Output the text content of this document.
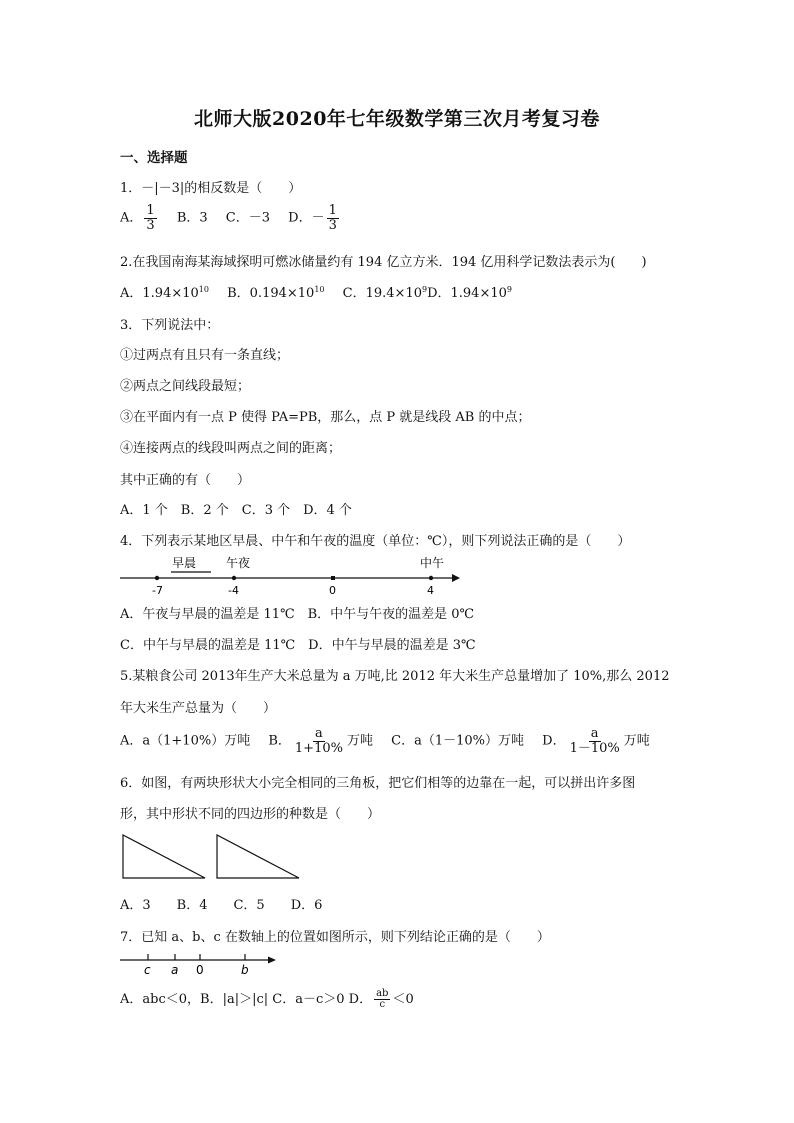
北师大版2020年七年级数学第三次月考复习卷
一、选择题
1．－|－3|的相反数是（　　）
A． $\frac{1}{3}$ B．3 C．－3 D．－ $\frac{1}{3}$
2.在我国南海某海域探明可燃冰储量约有 194 亿立方米．194 亿用科学记数法表示为(　　)
A．$1.94\times 10^{10}$ B．$0.194\times 10^{10}$ C．$19.4\times 10^9D$．$1.94\times 10^9$
3．下列说法中：
①过两点有且只有一条直线；
②两点之间线段最短；
③在平面内有一点 P 使得 PA=PB，那么，点 P 就是线段 AB 的中点；
④连接两点的线段叫两点之间的距离；
其中正确的有（　　）
A．1 个　B．2 个　C．3 个　D．4 个
4．下列表示某地区早晨、中午和午夜的温度（单位：℃），则下列说法正确的是（　　）
早晨 午夜	中午
-7	-4	0	4
A．午夜与早晨的温差是 11℃　B．中午与午夜的温差是 0℃
C．中午与早晨的温差是 11℃　D．中午与早晨的温差是 3℃
5.某粮食公司 2013年生产大米总量为 a 万吨,比 2012 年大米生产总量增加了 10%,那么 2012
年大米生产总量为（　　）
A．a（1+10%）万吨 B． $\frac{a}{1+10\%}$ 万吨 C．a（1－10%）万吨 D． $\frac{a}{1-10\%}$ 万吨
6．如图，有两块形状大小完全相同的三角板，把它们相等的边靠在一起，可以拼出许多图
形，其中形状不同的四边形的种数是（　　）
A．3　　B．4　　C．5　　D．6
7．已知 a、b、c 在数轴上的位置如图所示，则下列结论正确的是（　　）
c a 0	b
A．abc＜0，B．|a|＞|c| C．a－c＞0 D． $\frac{ab}{c} <0$
